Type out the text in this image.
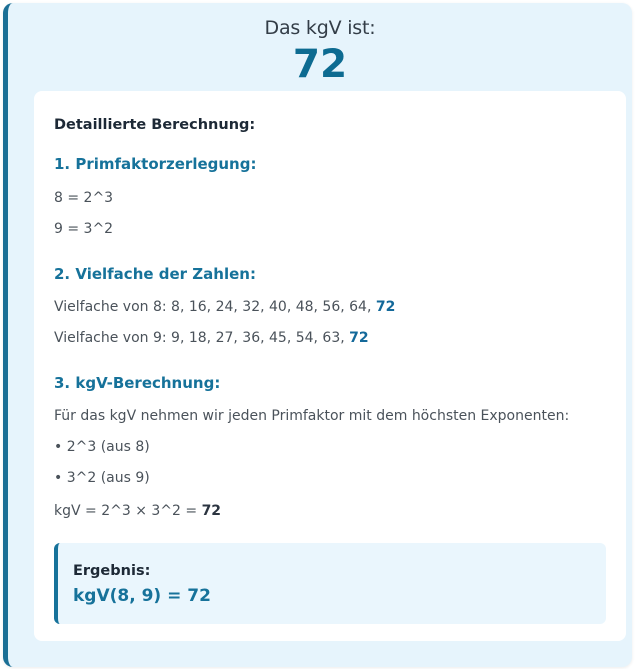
Das kgV ist:
72
Detaillierte Berechnung:
1. Primfaktorzerlegung:
8 = 2^3
9 = 3^2
2. Vielfache der Zahlen:
Vielfache von 8: 8, 16, 24, 32, 40, 48, 56, 64, 72
Vielfache von 9: 9, 18, 27, 36, 45, 54, 63, 72
3. kgV-Berechnung:
Für das kgV nehmen wir jeden Primfaktor mit dem höchsten Exponenten:
• 2^3 (aus 8)
• 3^2 (aus 9)
kgV = 2^3 × 3^2 = 72
Ergebnis:
kgV(8, 9) = 72
